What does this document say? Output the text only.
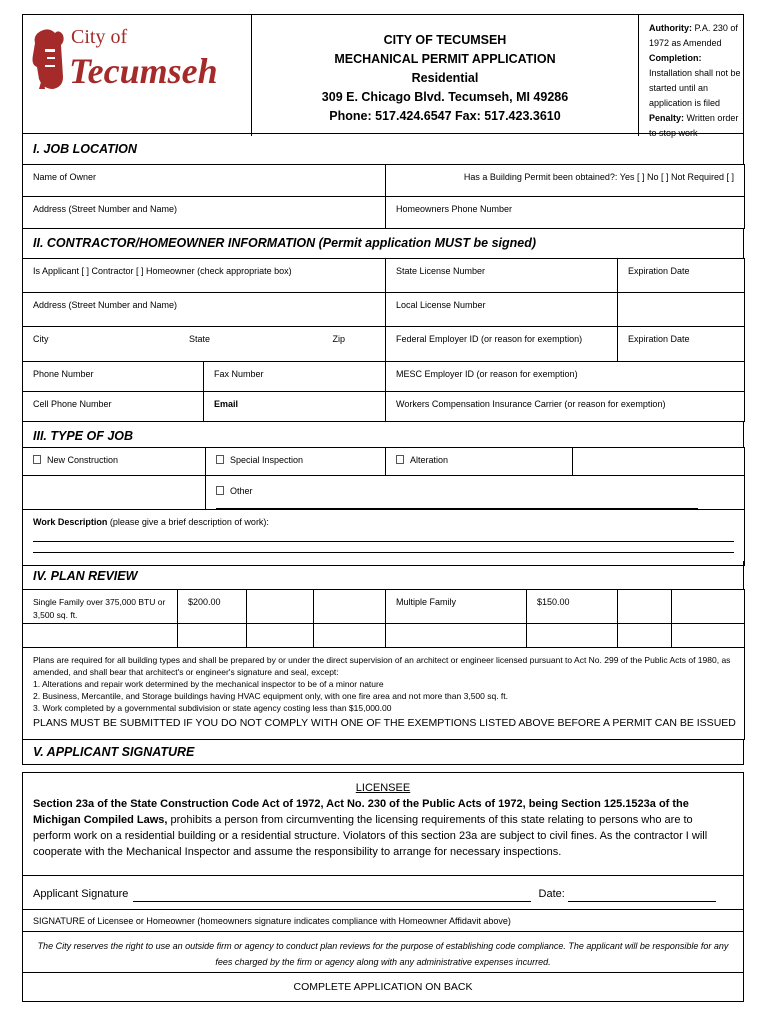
City of
Tecumseh
CITY OF TECUMSEH
MECHANICAL PERMIT APPLICATION
Residential
309 E. Chicago Blvd. Tecumseh, MI 49286
Phone: 517.424.6547 Fax: 517.423.3610
Authority: P.A. 230 of 1972 as Amended
Completion: Installation shall not be started until an application is filed
Penalty: Written order to stop work
I. JOB LOCATION
Name of Owner	Has a Building Permit been obtained?: Yes [ ] No [ ] Not Required [ ]
Address (Street Number and Name)	Homeowners Phone Number
II. CONTRACTOR/HOMEOWNER INFORMATION (Permit application MUST be signed)
Is Applicant [ ] Contractor [ ] Homeowner (check appropriate box)		State License Number	Expiration Date
Address (Street Number and Name)		Local License Number	
City State Zip		Federal Employer ID (or reason for exemption)	Expiration Date
Phone Number	Fax Number	MESC Employer ID (or reason for exemption)	
Cell Phone Number	Email	Workers Compensation Insurance Carrier (or reason for exemption)	
III. TYPE OF JOB
New Construction	Special Inspection	Alteration	
	Other		
Work Description (please give a brief description of work):			
IV. PLAN REVIEW
Single Family over 375,000 BTU or 3,500 sq. ft.	$200.00			Multiple Family	$150.00		

Plans are required for all building types and shall be prepared by or under the direct supervision of an architect or engineer licensed pursuant to Act No. 299 of the Public Acts of 1980, as amended, and shall bear that architect's or engineer's signature and seal, except:
1. Alterations and repair work determined by the mechanical inspector to be of a minor nature
2. Business, Mercantile, and Storage buildings having HVAC equipment only, with one fire area and not more than 3,500 sq. ft.
3. Work completed by a governmental subdivision or state agency costing less than $15,000.00
PLANS MUST BE SUBMITTED IF YOU DO NOT COMPLY WITH ONE OF THE EXEMPTIONS LISTED ABOVE BEFORE A PERMIT CAN BE ISSUED							
V. APPLICANT SIGNATURE
LICENSEE
Section 23a of the State Construction Code Act of 1972, Act No. 230 of the Public Acts of 1972, being Section 125.1523a of the Michigan Compiled Laws, prohibits a person from circumventing the licensing requirements of this state relating to persons who are to perform work on a residential building or a residential structure. Violators of this section 23a are subject to civil fines. As the contractor I will cooperate with the Mechanical Inspector and assume the responsibility to arrange for necessary inspections.
Applicant Signature	Date:
SIGNATURE of Licensee or Homeowner (homeowners signature indicates compliance with Homeowner Affidavit above)
The City reserves the right to use an outside firm or agency to conduct plan reviews for the purpose of establishing code compliance. The applicant will be responsible for any fees charged by the firm or agency along with any administrative expenses incurred.
COMPLETE APPLICATION ON BACK
